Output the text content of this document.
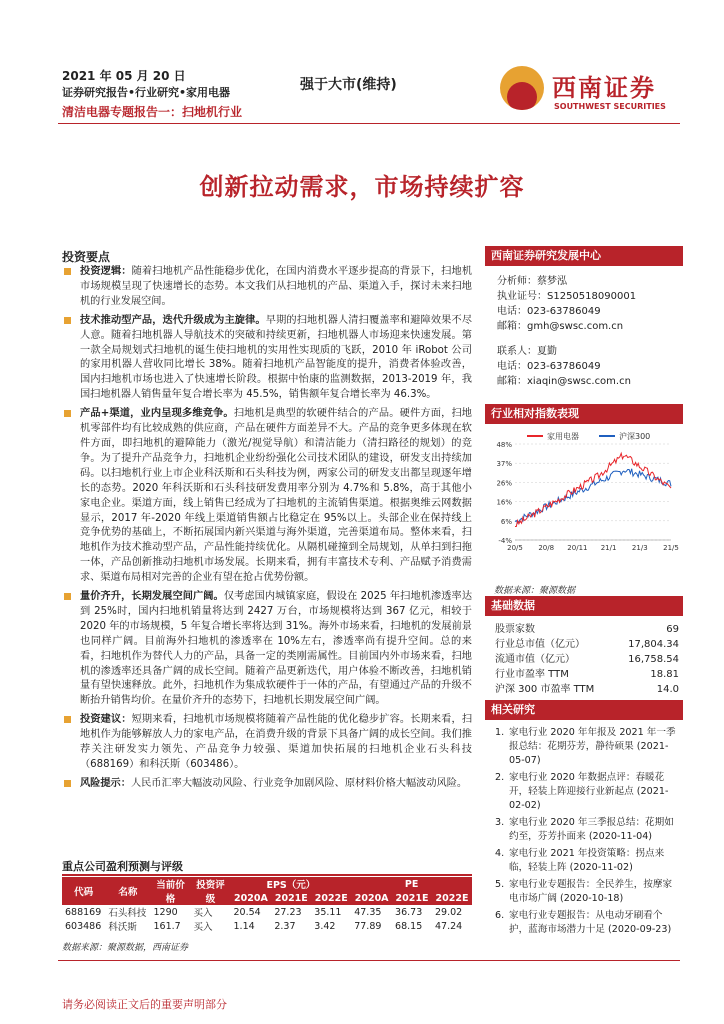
2021 年 05 月 20 日
证券研究报告•行业研究•家用电器
清洁电器专题报告一：扫地机行业
强于大市(维持)	西南证券
SOUTHWEST SECURITIES
创新拉动需求，市场持续扩容
投资要点

投资逻辑：随着扫地机产品性能稳步优化，在国内消费水平逐步提高的背景下，扫地机市场规模呈现了快速增长的态势。本文我们从扫地机的产品、渠道入手，探讨未来扫地机的行业发展空间。

技术推动型产品，迭代升级成为主旋律。早期的扫地机器人清扫覆盖率和避障效果不尽人意。随着扫地机器人导航技术的突破和持续更新，扫地机器人市场迎来快速发展。第一款全局规划式扫地机的诞生使扫地机的实用性实现质的飞跃，2010 年 iRobot 公司的家用机器人营收同比增长 38%。随着扫地机产品智能度的提升，消费者体验改善，国内扫地机市场也进入了快速增长阶段。根据中怡康的监测数据，2013-2019 年，我国扫地机器人销售量年复合增长率为 45.5%，销售额年复合增长率为 46.3%。

产品+渠道，业内呈现多维竞争。扫地机是典型的软硬件结合的产品。硬件方面，扫地机零部件均有比较成熟的供应商，产品在硬件方面差异不大。产品的竞争更多体现在软件方面，即扫地机的避障能力（激光/视觉导航）和清洁能力（清扫路径的规划）的竞争。为了提升产品竞争力，扫地机企业纷纷强化公司技术团队的建设，研发支出持续加码。以扫地机行业上市企业科沃斯和石头科技为例，两家公司的研发支出都呈现逐年增长的态势。2020 年科沃斯和石头科技研发费用率分别为 4.7%和 5.8%，高于其他小家电企业。渠道方面，线上销售已经成为了扫地机的主流销售渠道。根据奥维云网数据显示，2017 年-2020 年线上渠道销售额占比稳定在 95%以上。头部企业在保持线上竞争优势的基础上，不断拓展国内新兴渠道与海外渠道，完善渠道布局。整体来看，扫地机作为技术推动型产品，产品性能持续优化。从隔机碰撞到全局规划，从单扫到扫拖一体，产品创新推动扫地机市场发展。长期来看，拥有丰富技术专利、产品赋予消费需求、渠道布局相对完善的企业有望在抢占优势份额。

量价齐升，长期发展空间广阔。仅考虑国内城镇家庭，假设在 2025 年扫地机渗透率达到 25%时，国内扫地机销量将达到 2427 万台，市场规模将达到 367 亿元，相较于 2020 年的市场规模，5 年复合增长率将达到 31%。海外市场来看，扫地机的发展前景也同样广阔。目前海外扫地机的渗透率在 10%左右，渗透率尚有提升空间。总的来看，扫地机作为替代人力的产品，具备一定的类刚需属性。目前国内外市场来看，扫地机的渗透率还具备广阔的成长空间。随着产品更新迭代，用户体验不断改善，扫地机销量有望快速释放。此外，扫地机作为集成软硬件于一体的产品，有望通过产品的升级不断抬升销售均价。在量价齐升的态势下，扫地机长期发展空间广阔。

投资建议：短期来看，扫地机市场规模将随着产品性能的优化稳步扩容。长期来看，扫地机作为能够解放人力的家电产品，在消费升级的背景下具备广阔的成长空间。我们推荐关注研发实力领先、产品竞争力较强、渠道加快拓展的扫地机企业石头科技（688169）和科沃斯（603486）。

风险提示：人民币汇率大幅波动风险、行业竞争加剧风险、原材料价格大幅波动风险。

重点公司盈利预测与评级
代码	名称	当前价格	投资评级	EPS（元）			PE		
				2020A	2021E	2022E	2020A	2021E	2022E
688169	石头科技	1290	买入	20.54	27.23	35.11	47.35	36.73	29.02
603486	科沃斯	161.7	买入	1.14	2.37	3.42	77.89	68.15	47.24
数据来源：聚源数据，西南证券
西南证券研究发展中心
分析师：蔡梦泓
执业证号：S1250518090001
电话：023-63786049
邮箱：gmh@swsc.com.cn
联系人：夏勤
电话：023-63786049
邮箱：xiaqin@swsc.com.cn
行业相对指数表现
48%
37%
26%
16%
6%
-4%
20/5 20/8 20/11 21/1 21/3 21/5
家用电器	沪深300
数据来源：聚源数据
基础数据
股票家数	69
行业总市值（亿元）	17,804.34
流通市值（亿元）	16,758.54
行业市盈率 TTM	18.81
沪深 300 市盈率 TTM	14.0
相关研究
1. 家电行业 2020 年年报及 2021 年一季报总结：花期芬芳，静待硕果 (2021-05-07)
2. 家电行业 2020 年数据点评：春暖花开，轻装上阵迎接行业新起点 (2021-02-02)
3. 家电行业 2020 年三季报总结：花期如约至，芬芳扑面来 (2020-11-04)
4. 家电行业 2021 年投资策略：拐点来临，轻装上阵 (2020-11-02)
5. 家电行业专题报告：全民养生，按摩家电市场广阔 (2020-10-18)
6. 家电行业专题报告：从电动牙刷看个护，蓝海市场潜力十足 (2020-09-23)
请务必阅读正文后的重要声明部分
